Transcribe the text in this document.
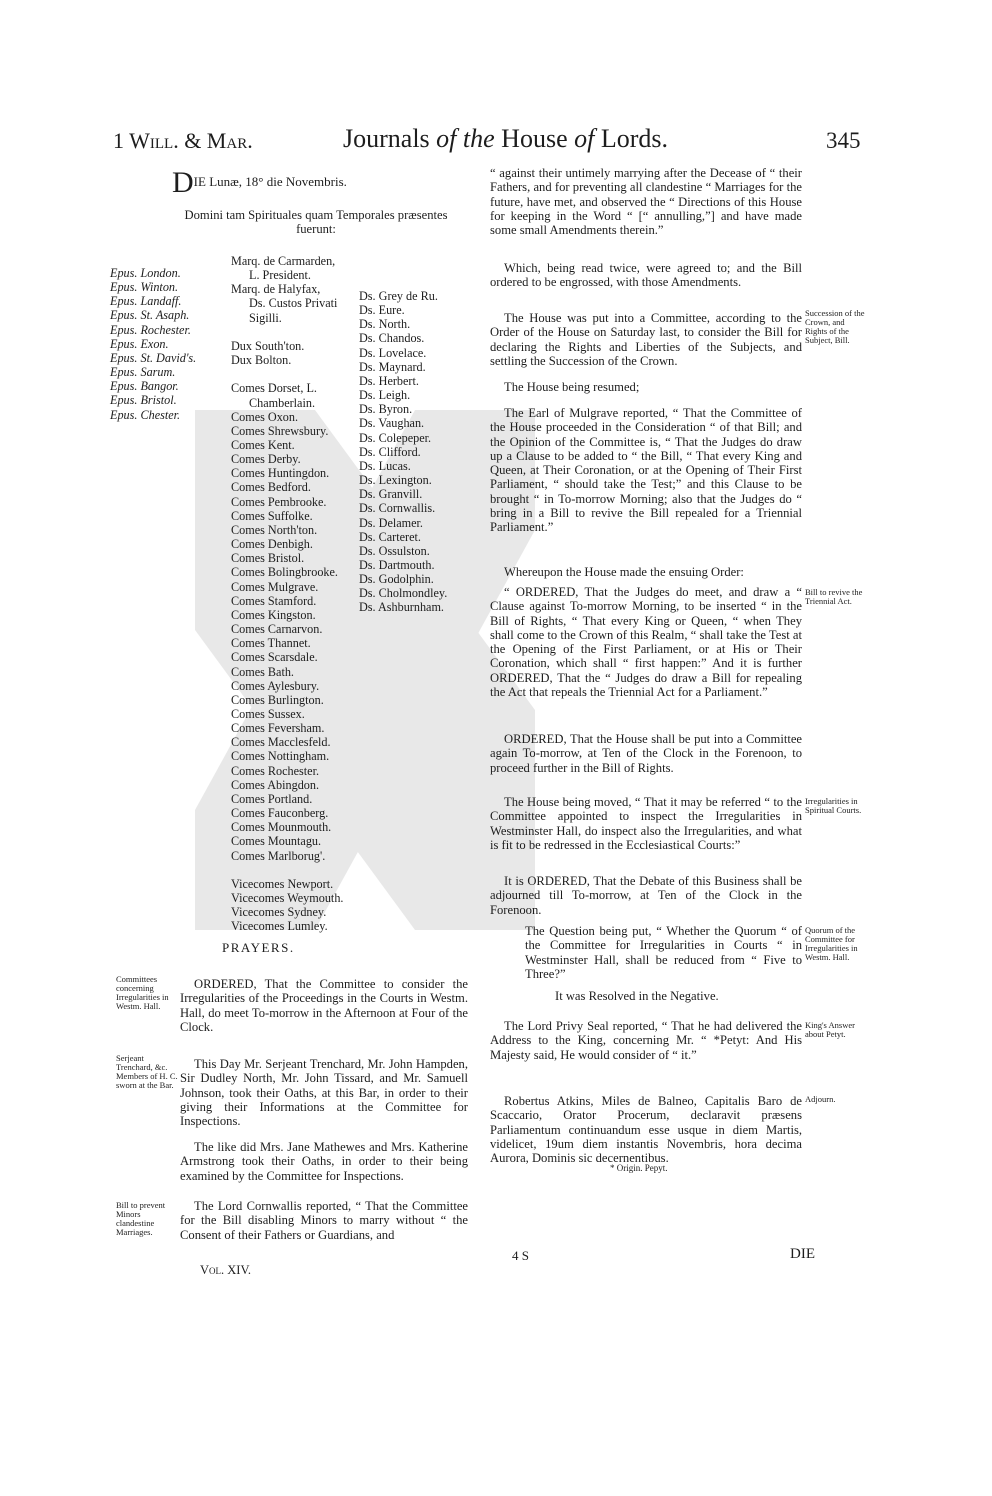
1 Will. & Mar.	Journals of the House of Lords.	345
DIE Lunæ, 18° die Novembris.
Domini tam Spirituales quam Temporales præsentes fuerunt:
Epus. London.
Epus. Winton.
Epus. Landaff.
Epus. St. Asaph.
Epus. Rochester.
Epus. Exon.
Epus. St. David's.
Epus. Sarum.
Epus. Bangor.
Epus. Bristol.
Epus. Chester.
Marq. de Carmarden,
L. President.
Marq. de Halyfax,
Ds. Custos Privati
Sigilli.
Dux South'ton.
Dux Bolton.
Comes Dorset, L.
Chamberlain.
Comes Oxon.
Comes Shrewsbury.
Comes Kent.
Comes Derby.
Comes Huntingdon.
Comes Bedford.
Comes Pembrooke.
Comes Suffolke.
Comes North'ton.
Comes Denbigh.
Comes Bristol.
Comes Bolingbrooke.
Comes Mulgrave.
Comes Stamford.
Comes Kingston.
Comes Carnarvon.
Comes Thannet.
Comes Scarsdale.
Comes Bath.
Comes Aylesbury.
Comes Burlington.
Comes Sussex.
Comes Feversham.
Comes Macclesfeld.
Comes Nottingham.
Comes Rochester.
Comes Abingdon.
Comes Portland.
Comes Fauconberg.
Comes Mounmouth.
Comes Mountagu.
Comes Marlborug'.
Vicecomes Newport.
Vicecomes Weymouth.
Vicecomes Sydney.
Vicecomes Lumley.
Ds. Grey de Ru.
Ds. Eure.
Ds. North.
Ds. Chandos.
Ds. Lovelace.
Ds. Maynard.
Ds. Herbert.
Ds. Leigh.
Ds. Byron.
Ds. Vaughan.
Ds. Colepeper.
Ds. Clifford.
Ds. Lucas.
Ds. Lexington.
Ds. Granvill.
Ds. Cornwallis.
Ds. Delamer.
Ds. Carteret.
Ds. Ossulston.
Ds. Dartmouth.
Ds. Godolphin.
Ds. Cholmondley.
Ds. Ashburnham.
PRAYERS.
Committees concerning Irregularities in Westm. Hall.

ORDERED, That the Committee to consider the Irregularities of the Proceedings in the Courts in Westm. Hall, do meet To-morrow in the Afternoon at Four of the Clock.

Serjeant Trenchard, &c. Members of H. C. sworn at the Bar.

This Day Mr. Serjeant Trenchard, Mr. John Hampden, Sir Dudley North, Mr. John Tissard, and Mr. Samuell Johnson, took their Oaths, at this Bar, in order to their giving their Informations at the Committee for Inspections.

The like did Mrs. Jane Mathewes and Mrs. Katherine Armstrong took their Oaths, in order to their being examined by the Committee for Inspections.

Bill to prevent Minors clandestine Marriages.

The Lord Cornwallis reported, “ That the Committee for the Bill disabling Minors to marry without “ the Consent of their Fathers or Guardians, and

Vol. XIV.

“ against their untimely marrying after the Decease of “ their Fathers, and for preventing all clandestine “ Marriages for the future, have met, and observed the “ Directions of this House for keeping in the Word “ [“ annulling,”] and have made some small Amendments therein.”

Which, being read twice, were agreed to; and the Bill ordered to be engrossed, with those Amendments.

The House was put into a Committee, according to the Order of the House on Saturday last, to consider the Bill for declaring the Rights and Liberties of the Subjects, and settling the Succession of the Crown.

Succession of the Crown, and Rights of the Subject, Bill.

The House being resumed;

The Earl of Mulgrave reported, “ That the Committee of the House proceeded in the Consideration “ of that Bill; and the Opinion of the Committee is, “ That the Judges do draw up a Clause to be added to “ the Bill, “ That every King and Queen, at Their Coronation, or at the Opening of Their First Parliament, “ should take the Test;” and this Clause to be brought “ in To-morrow Morning; also that the Judges do “ bring in a Bill to revive the Bill repealed for a Triennial Parliament.”

Whereupon the House made the ensuing Order:

“ ORDERED, That the Judges do meet, and draw a “ Clause against To-morrow Morning, to be inserted “ in the Bill of Rights, “ That every King or Queen, “ when They shall come to the Crown of this Realm, “ shall take the Test at the Opening of the First Parliament, or at His or Their Coronation, which shall “ first happen:” And it is further ORDERED, That the “ Judges do draw a Bill for repealing the Act that repeals the Triennial Act for a Parliament.”

Bill to revive the Triennial Act.

ORDERED, That the House shall be put into a Committee again To-morrow, at Ten of the Clock in the Forenoon, to proceed further in the Bill of Rights.

The House being moved, “ That it may be referred “ to the Committee appointed to inspect the Irregularities in Westminster Hall, do inspect also the Irregularities, and what is fit to be redressed in the Ecclesiastical Courts:”

Irregularities in Spiritual Courts.

It is ORDERED, That the Debate of this Business shall be adjourned till To-morrow, at Ten of the Clock in the Forenoon.

The Question being put, “ Whether the Quorum “ of the Committee for Irregularities in Courts “ in Westminster Hall, shall be reduced from “ Five to Three?”

Quorum of the Committee for Irregularities in Westm. Hall.

It was Resolved in the Negative.

The Lord Privy Seal reported, “ That he had delivered the Address to the King, concerning Mr. “ *Petyt: And His Majesty said, He would consider of “ it.”

King's Answer about Petyt.

Robertus Atkins, Miles de Balneo, Capitalis Baro de Scaccario, Orator Procerum, declaravit præsens Parliamentum continuandum esse usque in diem Martis, videlicet, 19um diem instantis Novembris, hora decima Aurora, Dominis sic decernentibus.

Adjourn.
* Origin. Pepyt.
4 S	DIE
